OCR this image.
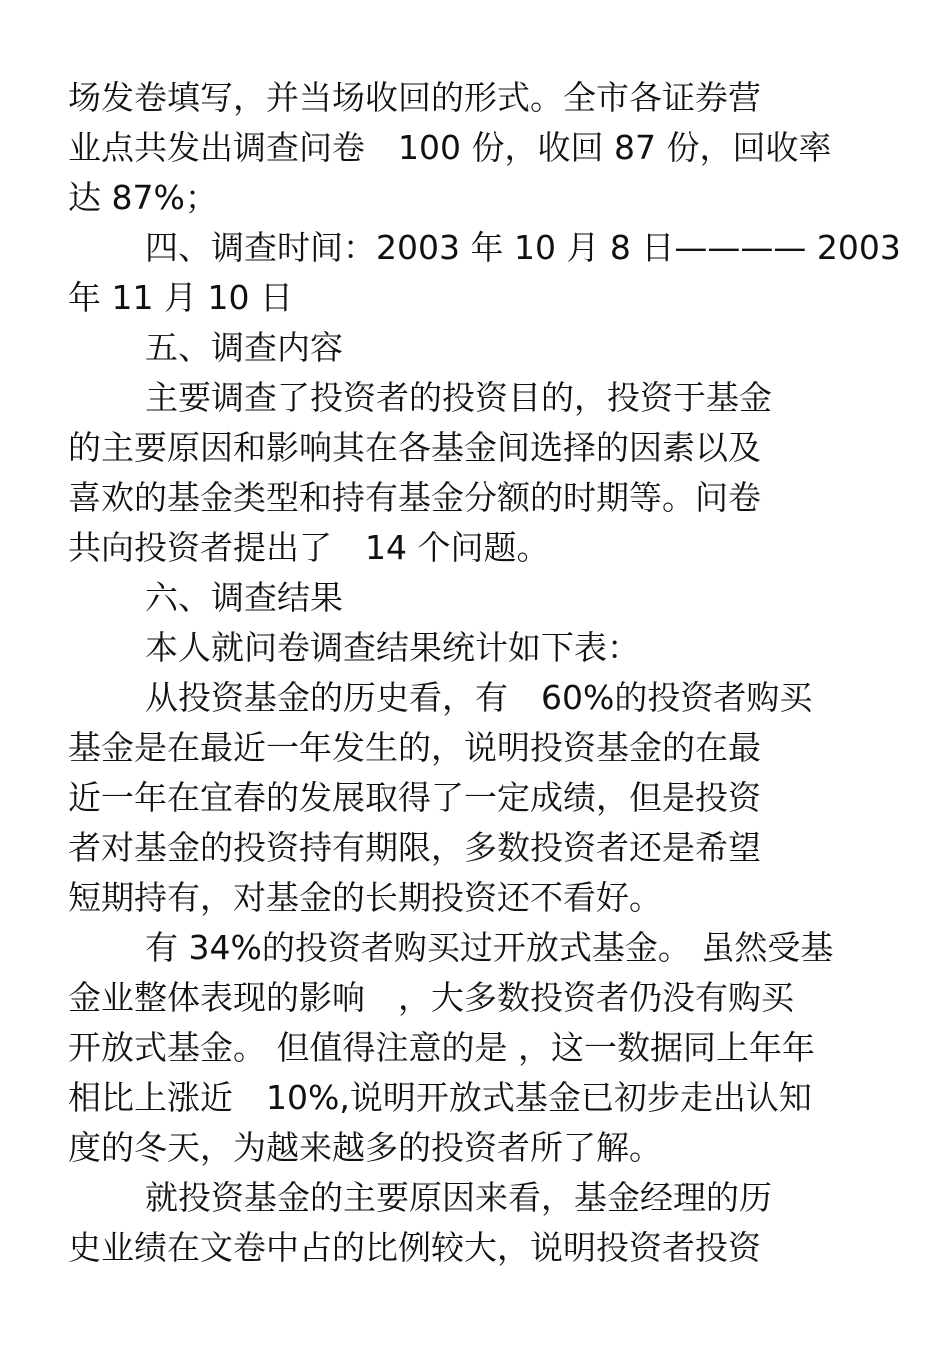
场发卷填写，并当场收回的形式。全市各证券营
业点共发出调查问卷　100 份，收回 87 份，回收率
达 87%；
四、调查时间：2003 年 10 月 8 日———— 2003
年 11 月 10 日
五、调查内容
主要调查了投资者的投资目的，投资于基金
的主要原因和影响其在各基金间选择的因素以及
喜欢的基金类型和持有基金分额的时期等。问卷
共向投资者提出了　14 个问题。
六、调查结果
本人就问卷调查结果统计如下表：
从投资基金的历史看，有　60%的投资者购买
基金是在最近一年发生的，说明投资基金的在最
近一年在宜春的发展取得了一定成绩，但是投资
者对基金的投资持有期限，多数投资者还是希望
短期持有，对基金的长期投资还不看好。
有 34%的投资者购买过开放式基金。 虽然受基
金业整体表现的影响　，大多数投资者仍没有购买
开放式基金。 但值得注意的是 ，这一数据同上年年
相比上涨近　10%,说明开放式基金已初步走出认知
度的冬天，为越来越多的投资者所了解。
就投资基金的主要原因来看，基金经理的历
史业绩在文卷中占的比例较大，说明投资者投资
